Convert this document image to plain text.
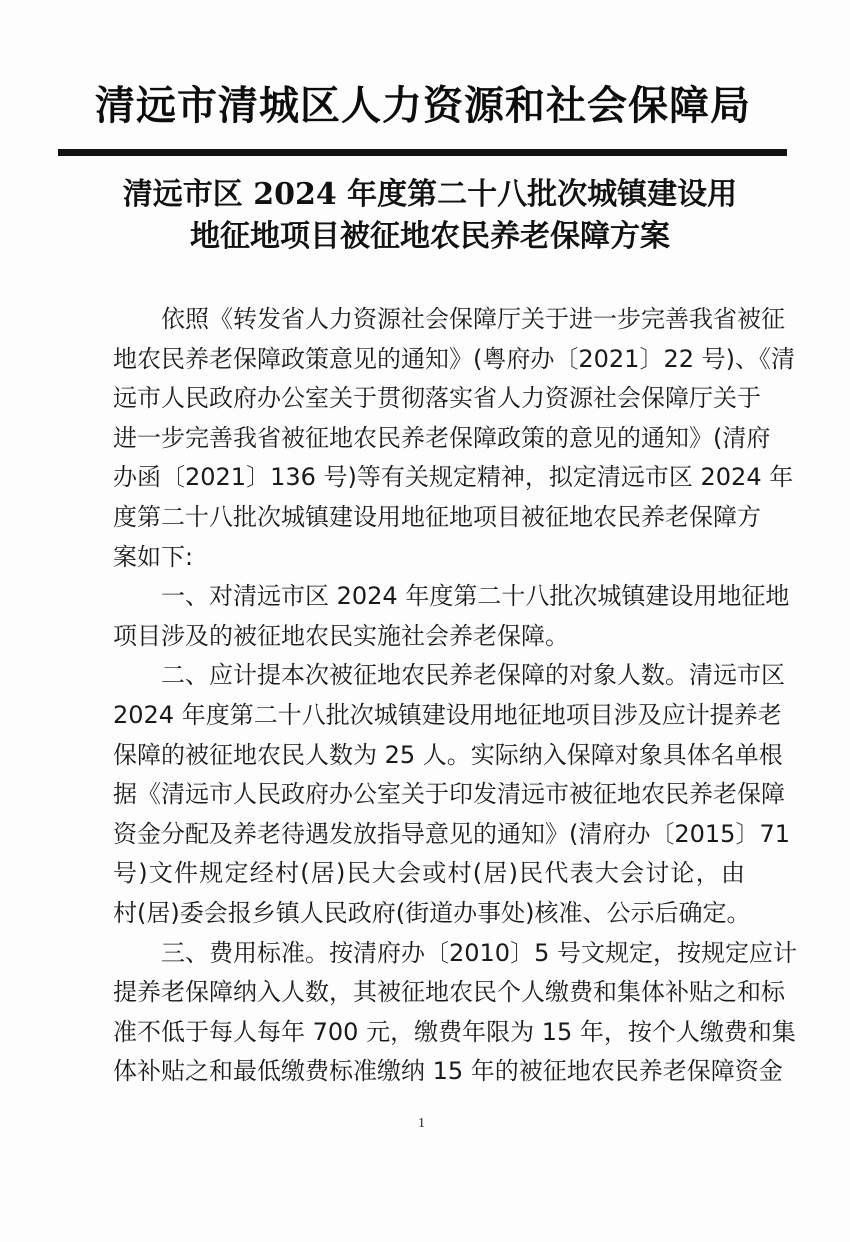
清远市清城区人力资源和社会保障局
清远市区 2024 年度第二十八批次城镇建设用
地征地项目被征地农民养老保障方案
依照《转发省人力资源社会保障厅关于进一步完善我省被征
地农民养老保障政策意见的通知》(粤府办〔2021〕22 号)、《清
远市人民政府办公室关于贯彻落实省人力资源社会保障厅关于
进一步完善我省被征地农民养老保障政策的意见的通知》(清府
办函〔2021〕136 号)等有关规定精神，拟定清远市区 2024 年
度第二十八批次城镇建设用地征地项目被征地农民养老保障方
案如下:
一、对清远市区 2024 年度第二十八批次城镇建设用地征地
项目涉及的被征地农民实施社会养老保障。
二、应计提本次被征地农民养老保障的对象人数。清远市区
2024 年度第二十八批次城镇建设用地征地项目涉及应计提养老
保障的被征地农民人数为 25 人。实际纳入保障对象具体名单根
据《清远市人民政府办公室关于印发清远市被征地农民养老保障
资金分配及养老待遇发放指导意见的通知》(清府办〔2015〕71
号)文件规定经村(居)民大会或村(居)民代表大会讨论，由
村(居)委会报乡镇人民政府(街道办事处)核准、公示后确定。
三、费用标准。按清府办〔2010〕5 号文规定，按规定应计
提养老保障纳入人数，其被征地农民个人缴费和集体补贴之和标
准不低于每人每年 700 元，缴费年限为 15 年，按个人缴费和集
体补贴之和最低缴费标准缴纳 15 年的被征地农民养老保障资金
1
